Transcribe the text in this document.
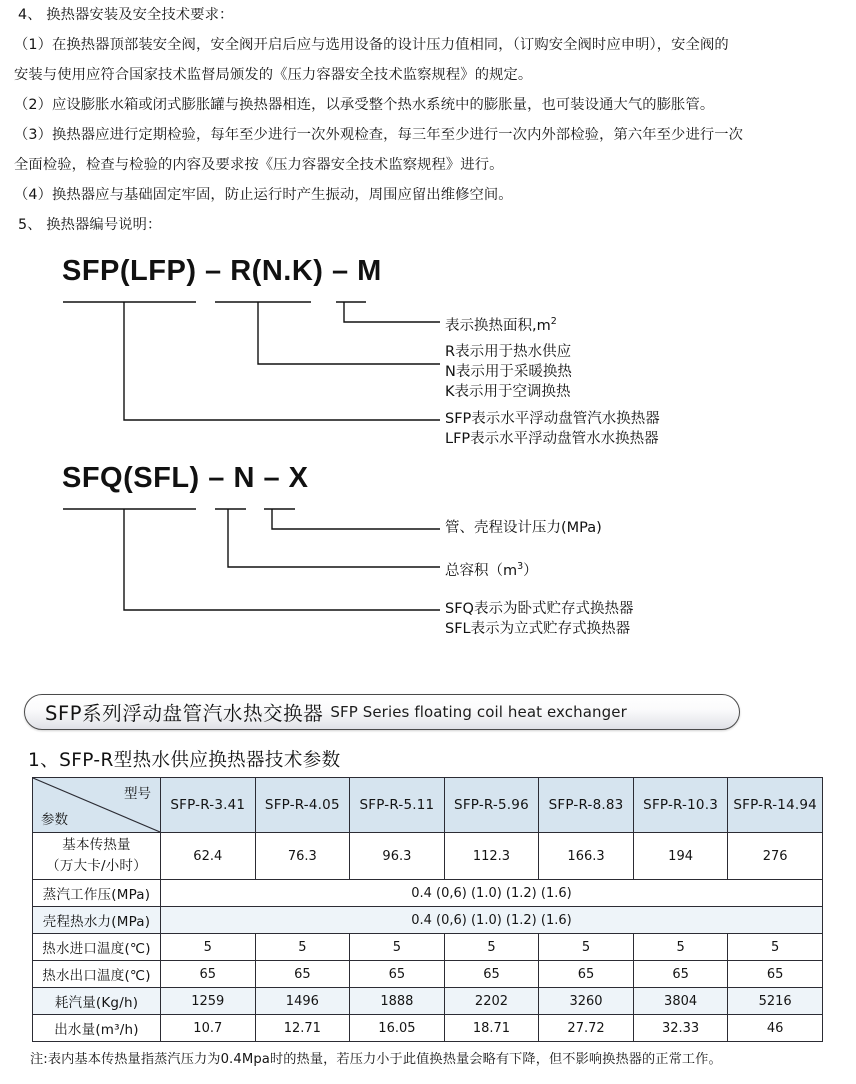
4、 换热器安装及安全技术要求：
（1）在换热器顶部装安全阀，安全阀开启后应与选用设备的设计压力值相同，（订购安全阀时应申明），安全阀的
安装与使用应符合国家技术监督局颁发的《压力容器安全技术监察规程》的规定。
（2）应设膨胀水箱或闭式膨胀罐与换热器相连，以承受整个热水系统中的膨胀量，也可装设通大气的膨胀管。
（3）换热器应进行定期检验，每年至少进行一次外观检查，每三年至少进行一次内外部检验，第六年至少进行一次
全面检验，检查与检验的内容及要求按《压力容器安全技术监察规程》进行。
（4）换热器应与基础固定牢固，防止运行时产生振动，周围应留出维修空间。
5、 换热器编号说明：
SFP(LFP) – R(N.K) – M
表示换热面积$,m^2$
R表示用于热水供应
N表示用于采暖换热
K表示用于空调换热
SFP表示水平浮动盘管汽水换热器
LFP表示水平浮动盘管水水换热器
SFQ(SFL) – N – X
管、壳程设计压力(MPa)
总容积$(m^3)$
SFQ表示为卧式贮存式换热器
SFL表示为立式贮存式换热器
SFP系列浮动盘管汽水热交换器 SFP Series floating coil heat exchanger
1、SFP-R型热水供应换热器技术参数
型号
参数	SFP-R-3.41	SFP-R-4.05	SFP-R-5.11	SFP-R-5.96	SFP-R-8.83	SFP-R-10.3	SFP-R-14.94

基本传热量
（万大卡/小时）	62.4	76.3	96.3	112.3	166.3	194	276

蒸汽工作压(MPa)	0.4 (0,6) (1.0) (1.2) (1.6)						

壳程热水力(MPa)	0.4 (0,6) (1.0) (1.2) (1.6)						

热水进口温度(℃)	5	5	5	5	5	5	5

热水出口温度(℃)	65	65	65	65	65	65	65

耗汽量(Kg/h)	1259	1496	1888	2202	3260	3804	5216

出水量(m³/h)	10.7	12.71	16.05	18.71	27.72	32.33	46
注:表内基本传热量指蒸汽压力为0.4Mpa时的热量，若压力小于此值换热量会略有下降，但不影响换热器的正常工作。
